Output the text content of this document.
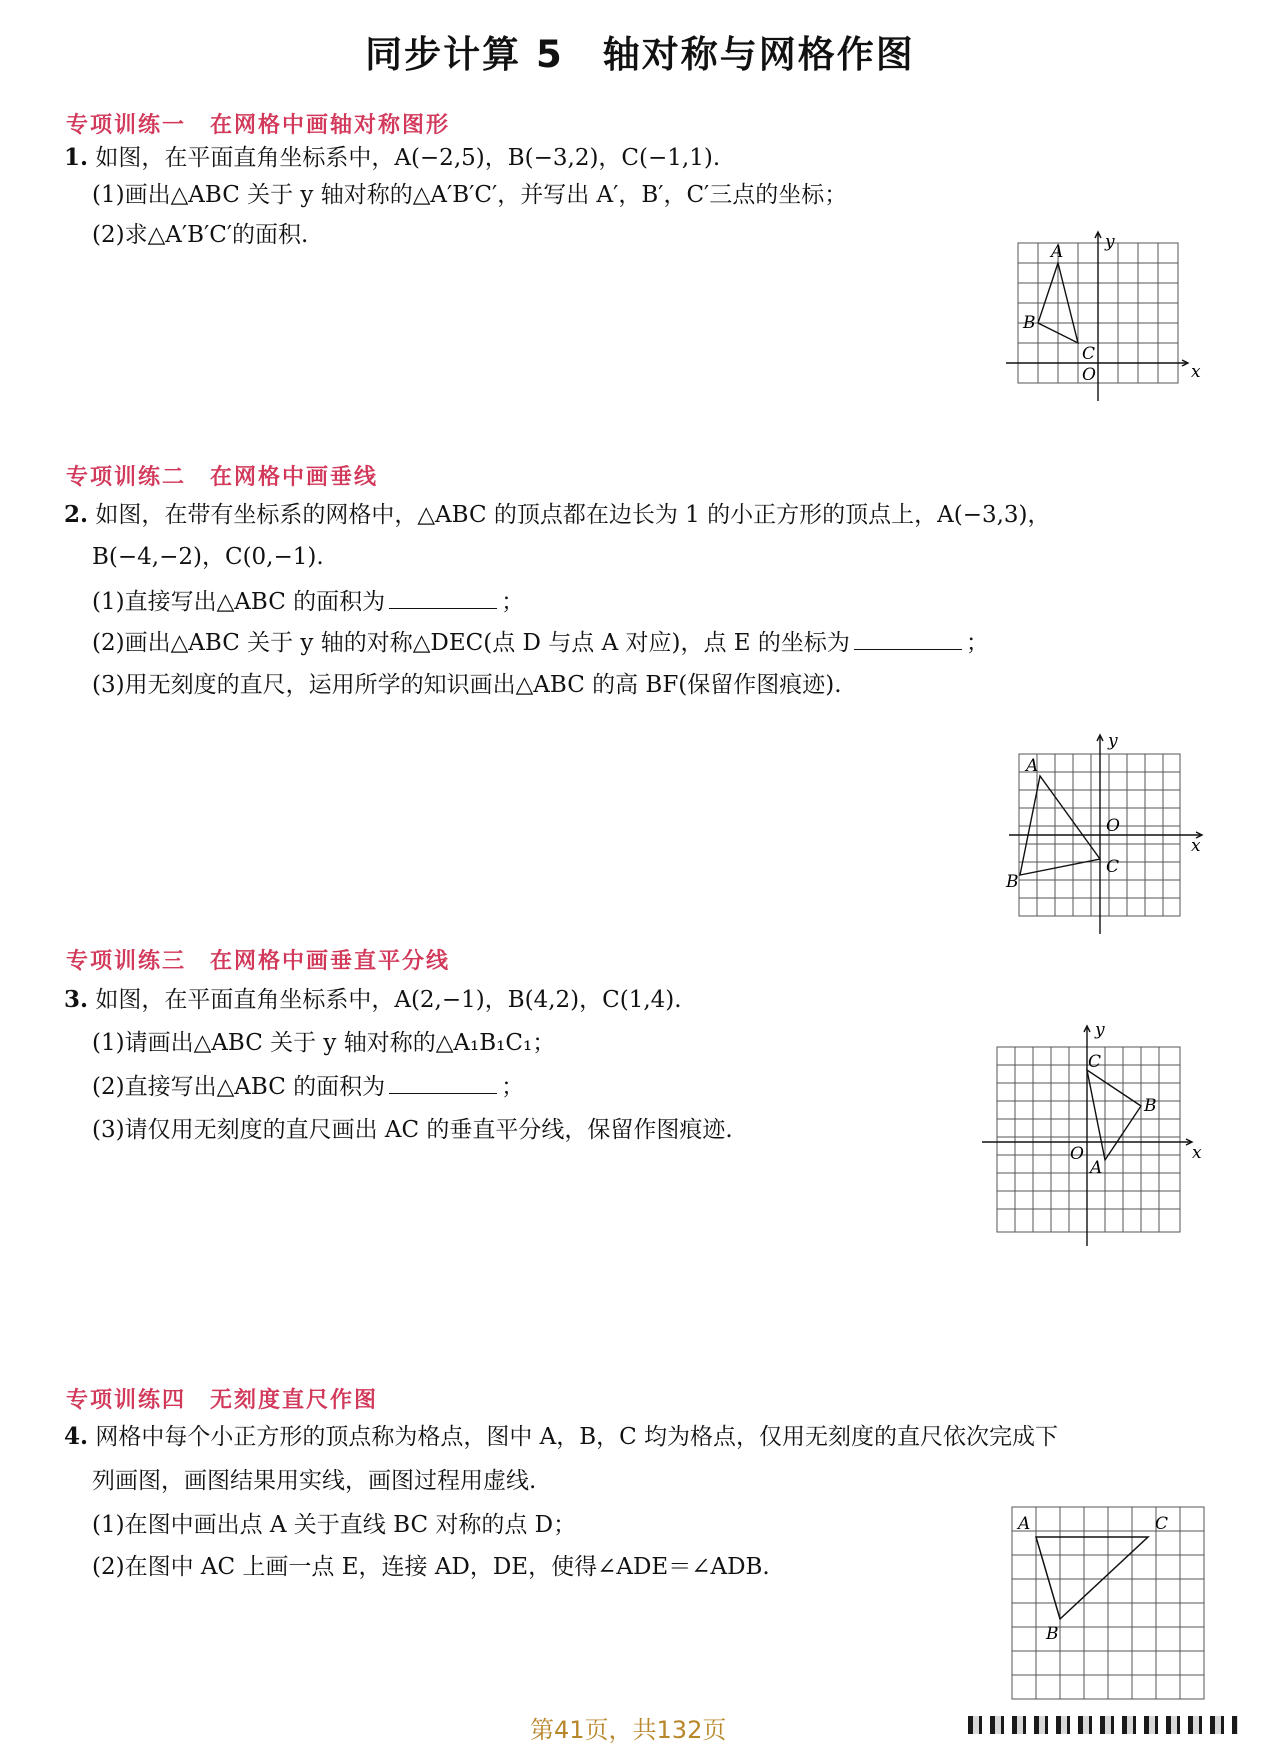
同步计算 5　轴对称与网格作图
专项训练一　在网格中画轴对称图形
1. 如图，在平面直角坐标系中，A(−2,5)，B(−3,2)，C(−1,1).
(1)画出△ABC 关于 y 轴对称的△A′B′C′，并写出 A′，B′，C′三点的坐标；
(2)求△A′B′C′的面积.
A
B
C
O	x
y
专项训练二　在网格中画垂线
2. 如图，在带有坐标系的网格中，△ABC 的顶点都在边长为 1 的小正方形的顶点上，A(−3,3)，
B(−4,−2)，C(0,−1).
(1)直接写出△ABC 的面积为	；
(2)画出△ABC 关于 y 轴的对称△DEC(点 D 与点 A 对应)，点 E 的坐标为	；
(3)用无刻度的直尺，运用所学的知识画出△ABC 的高 BF(保留作图痕迹).
A
B
C
O
x
y
专项训练三　在网格中画垂直平分线
3. 如图，在平面直角坐标系中，A(2,−1)，B(4,2)，C(1,4).
(1)请画出△ABC 关于 y 轴对称的△A₁B₁C₁；
(2)直接写出△ABC 的面积为	；
(3)请仅用无刻度的直尺画出 AC 的垂直平分线，保留作图痕迹.
A
B
C
O	x
y
专项训练四　无刻度直尺作图
4. 网格中每个小正方形的顶点称为格点，图中 A，B，C 均为格点，仅用无刻度的直尺依次完成下
列画图，画图结果用实线，画图过程用虚线.
(1)在图中画出点 A 关于直线 BC 对称的点 D；
(2)在图中 AC 上画一点 E，连接 AD，DE，使得∠ADE＝∠ADB.
A	C
B
第41页，共132页
